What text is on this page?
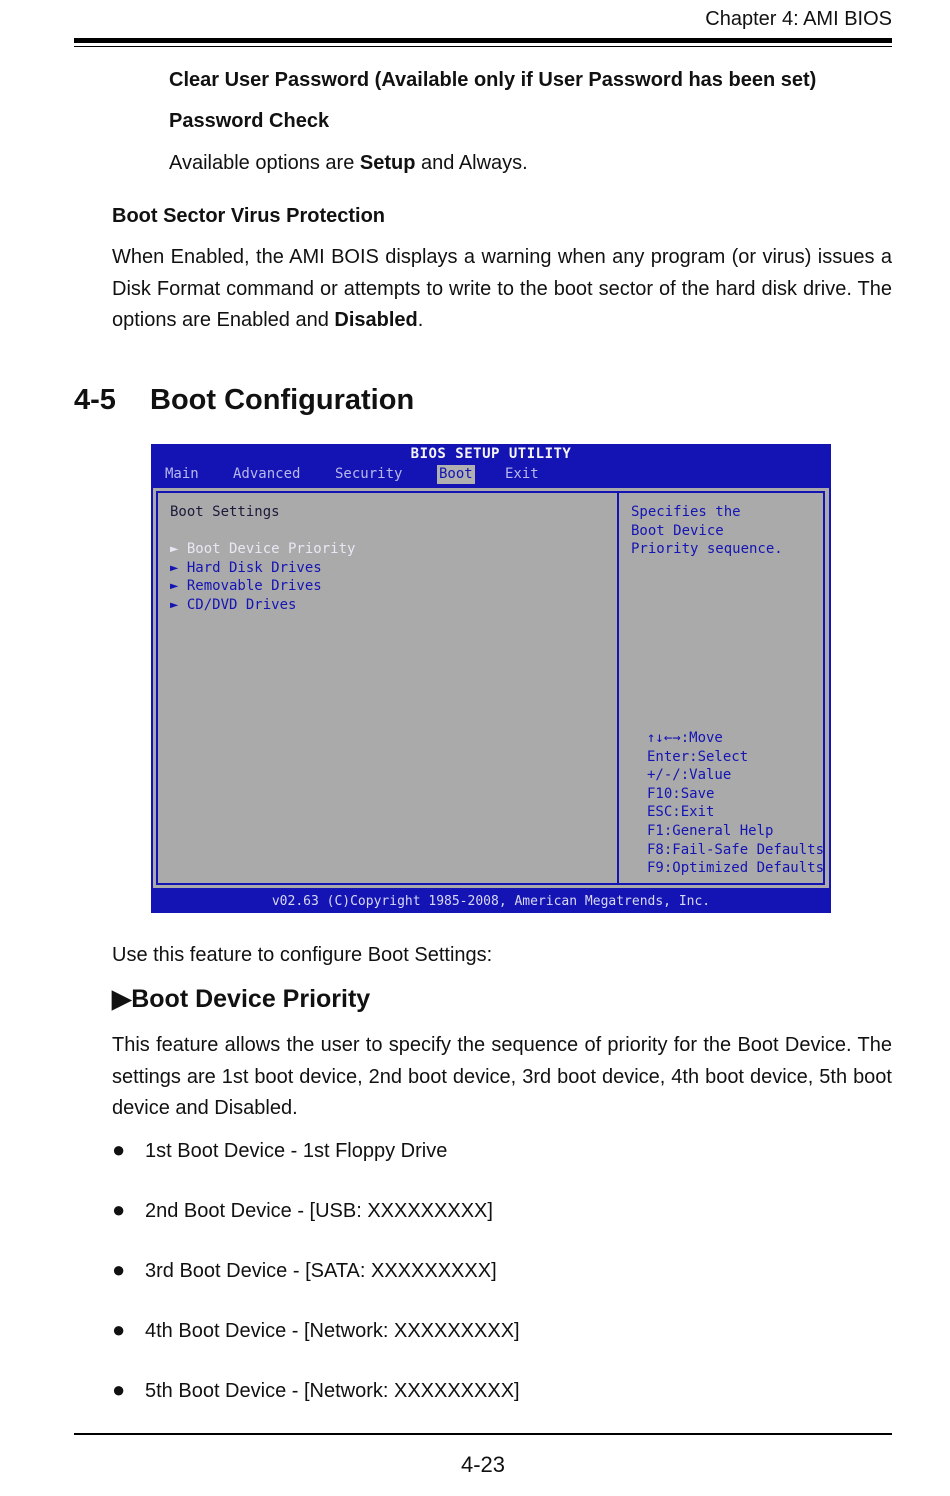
Chapter 4: AMI BIOS
Clear User Password (Available only if User Password has been set)
Password Check
Available options are Setup and Always.
Boot Sector Virus Protection
When Enabled, the AMI BOIS displays a warning when any program (or virus) issues a Disk Format command or attempts to write to the boot sector of the hard disk drive. The options are Enabled and Disabled.
4-5 Boot Configuration
BIOS SETUP UTILITY
Main Advanced Security	Boot Exit
Boot Settings
► Boot Device Priority
► Hard Disk Drives
► Removable Drives
► CD/DVD Drives
Specifies the
Boot Device
Priority sequence.
↑↓←→:Move
Enter:Select
+/-/:Value
F10:Save
ESC:Exit
F1:General Help
F8:Fail-Safe Defaults
F9:Optimized Defaults
v02.63 (C)Copyright 1985-2008, American Megatrends, Inc.
Use this feature to configure Boot Settings:
▶Boot Device Priority
This feature allows the user to specify the sequence of priority for the Boot Device. The settings are 1st boot device, 2nd boot device, 3rd boot device, 4th boot device, 5th boot device and Disabled.
● 1st Boot Device - 1st Floppy Drive
● 2nd Boot Device - [USB: XXXXXXXXX]
● 3rd Boot Device - [SATA: XXXXXXXXX]
● 4th Boot Device - [Network: XXXXXXXXX]
● 5th Boot Device - [Network: XXXXXXXXX]
4-23
